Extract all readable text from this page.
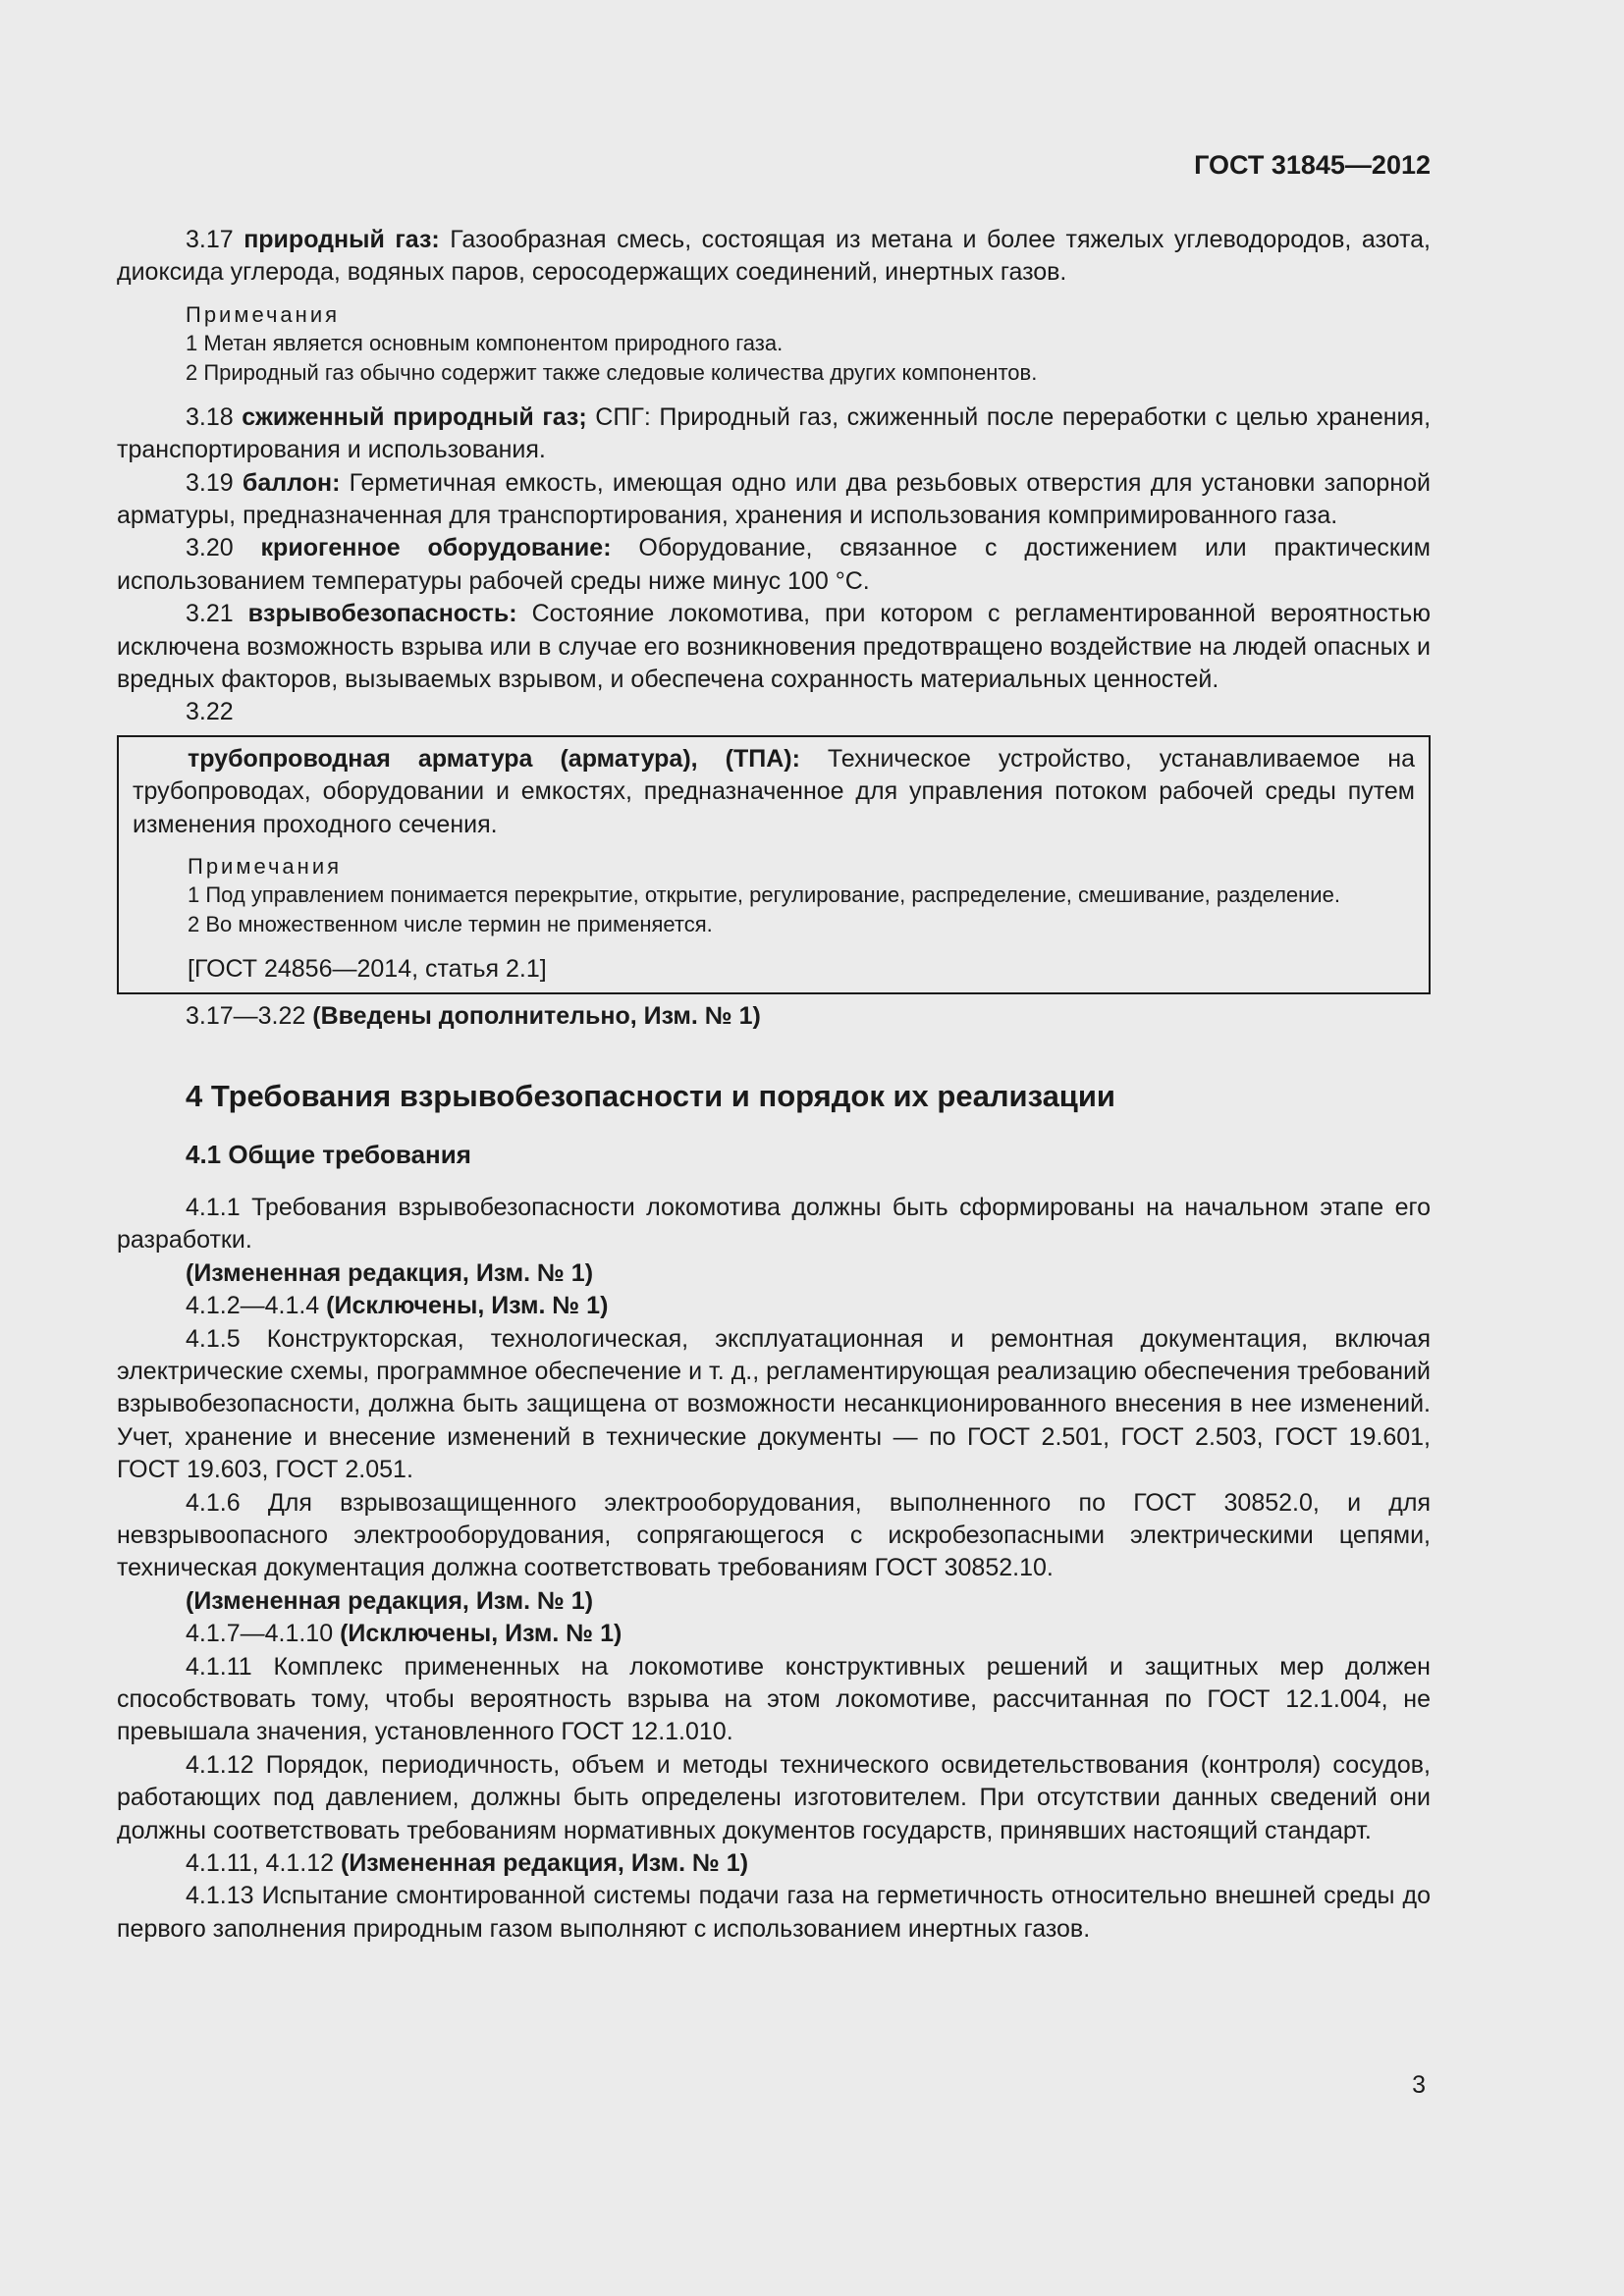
ГОСТ 31845—2012

3.17 природный газ: Газообразная смесь, состоящая из метана и более тяжелых углеводородов, азота, диоксида углерода, водяных паров, серосодержащих соединений, инертных газов.

Примечания

1 Метан является основным компонентом природного газа.

2 Природный газ обычно содержит также следовые количества других компонентов.

3.18 сжиженный природный газ; СПГ: Природный газ, сжиженный после переработки с целью хранения, транспортирования и использования.

3.19 баллон: Герметичная емкость, имеющая одно или два резьбовых отверстия для установки запорной арматуры, предназначенная для транспортирования, хранения и использования компримированного газа.

3.20 криогенное оборудование: Оборудование, связанное с достижением или практическим использованием температуры рабочей среды ниже минус 100 °С.

3.21 взрывобезопасность: Состояние локомотива, при котором с регламентированной вероятностью исключена возможность взрыва или в случае его возникновения предотвращено воздействие на людей опасных и вредных факторов, вызываемых взрывом, и обеспечена сохранность материальных ценностей.

3.22

трубопроводная арматура (арматура), (ТПА): Техническое устройство, устанавливаемое на трубопроводах, оборудовании и емкостях, предназначенное для управления потоком рабочей среды путем изменения проходного сечения.

Примечания

1 Под управлением понимается перекрытие, открытие, регулирование, распределение, смешивание, разделение.

2 Во множественном числе термин не применяется.

[ГОСТ 24856—2014, статья 2.1]

3.17—3.22 (Введены дополнительно, Изм. № 1)

4 Требования взрывобезопасности и порядок их реализации
4.1 Общие требования

4.1.1 Требования взрывобезопасности локомотива должны быть сформированы на начальном этапе его разработки.

(Измененная редакция, Изм. № 1)

4.1.2—4.1.4 (Исключены, Изм. № 1)

4.1.5 Конструкторская, технологическая, эксплуатационная и ремонтная документация, включая электрические схемы, программное обеспечение и т. д., регламентирующая реализацию обеспечения требований взрывобезопасности, должна быть защищена от возможности несанкционированного внесения в нее изменений. Учет, хранение и внесение изменений в технические документы — по ГОСТ 2.501, ГОСТ 2.503, ГОСТ 19.601, ГОСТ 19.603, ГОСТ 2.051.

4.1.6 Для взрывозащищенного электрооборудования, выполненного по ГОСТ 30852.0, и для невзрывоопасного электрооборудования, сопрягающегося с искробезопасными электрическими цепями, техническая документация должна соответствовать требованиям ГОСТ 30852.10.

(Измененная редакция, Изм. № 1)

4.1.7—4.1.10 (Исключены, Изм. № 1)

4.1.11 Комплекс примененных на локомотиве конструктивных решений и защитных мер должен способствовать тому, чтобы вероятность взрыва на этом локомотиве, рассчитанная по ГОСТ 12.1.004, не превышала значения, установленного ГОСТ 12.1.010.

4.1.12 Порядок, периодичность, объем и методы технического освидетельствования (контроля) сосудов, работающих под давлением, должны быть определены изготовителем. При отсутствии данных сведений они должны соответствовать требованиям нормативных документов государств, принявших настоящий стандарт.

4.1.11, 4.1.12 (Измененная редакция, Изм. № 1)

4.1.13 Испытание смонтированной системы подачи газа на герметичность относительно внешней среды до первого заполнения природным газом выполняют с использованием инертных газов.

3
